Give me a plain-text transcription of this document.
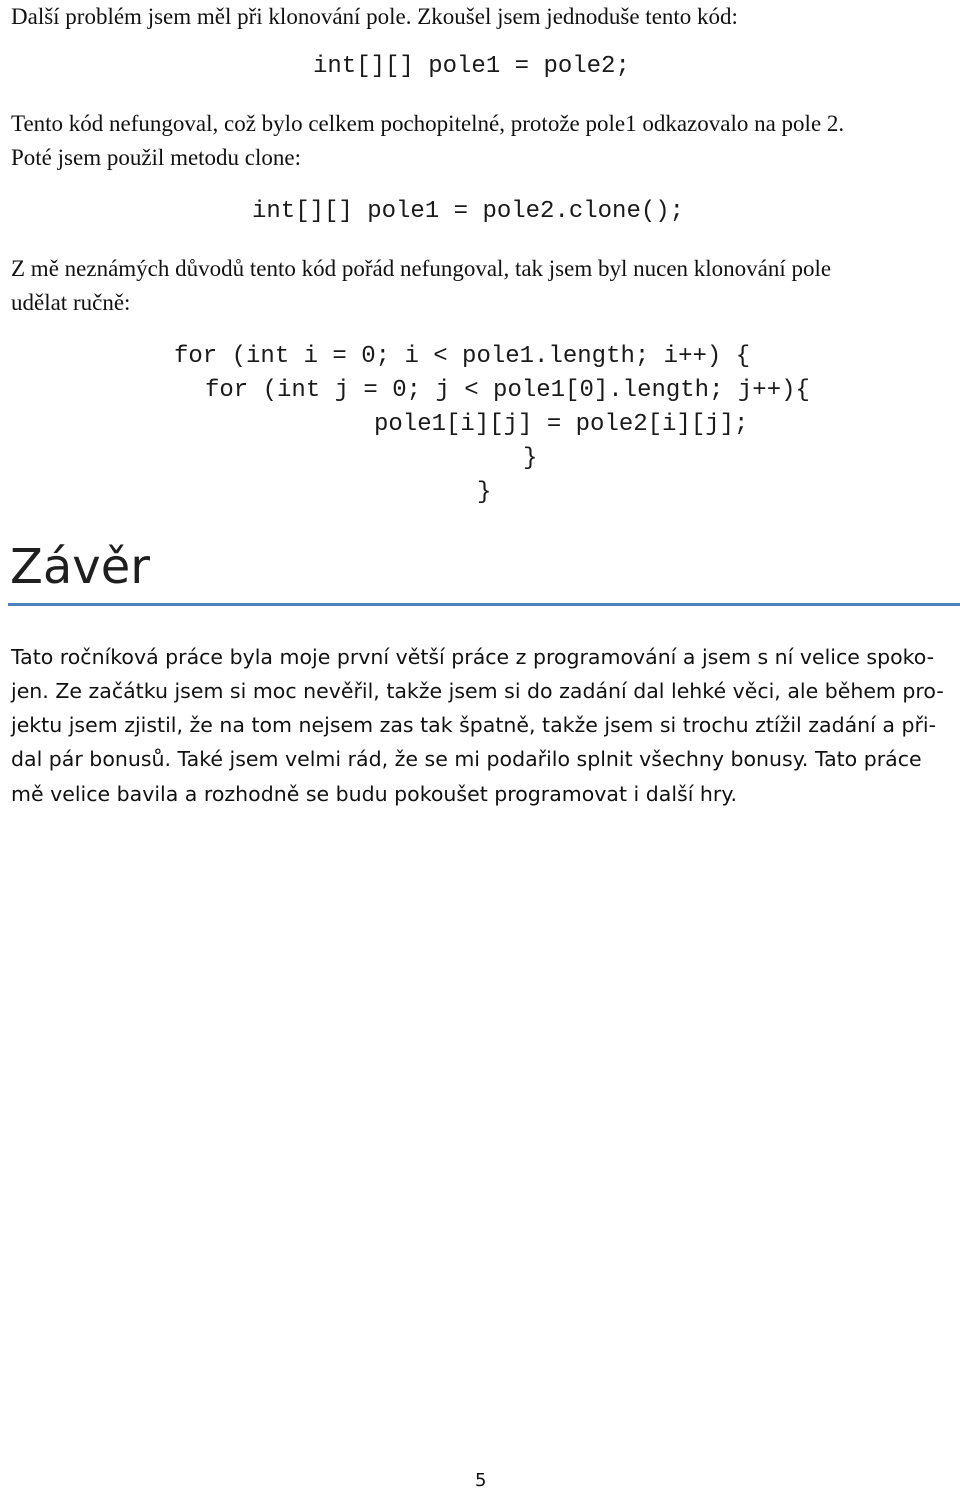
Další problém jsem měl při klonování pole. Zkoušel jsem jednoduše tento kód:
int[][] pole1 = pole2;
Tento kód nefungoval, což bylo celkem pochopitelné, protože pole1 odkazovalo na pole 2.
Poté jsem použil metodu clone:
int[][] pole1 = pole2.clone();
Z mě neznámých důvodů tento kód pořád nefungoval, tak jsem byl nucen klonování pole
udělat ručně:
for (int i = 0; i < pole1.length; i++) {
for (int j = 0; j < pole1[0].length; j++){
pole1[i][j] = pole2[i][j];
}
}
Závěr
Tato ročníková práce byla moje první větší práce z programování a jsem s ní velice spoko-
jen. Ze začátku jsem si moc nevěřil, takže jsem si do zadání dal lehké věci, ale během pro-
jektu jsem zjistil, že na tom nejsem zas tak špatně, takže jsem si trochu ztížil zadání a při-
dal pár bonusů. Také jsem velmi rád, že se mi podařilo splnit všechny bonusy. Tato práce
mě velice bavila a rozhodně se budu pokoušet programovat i další hry.
5
